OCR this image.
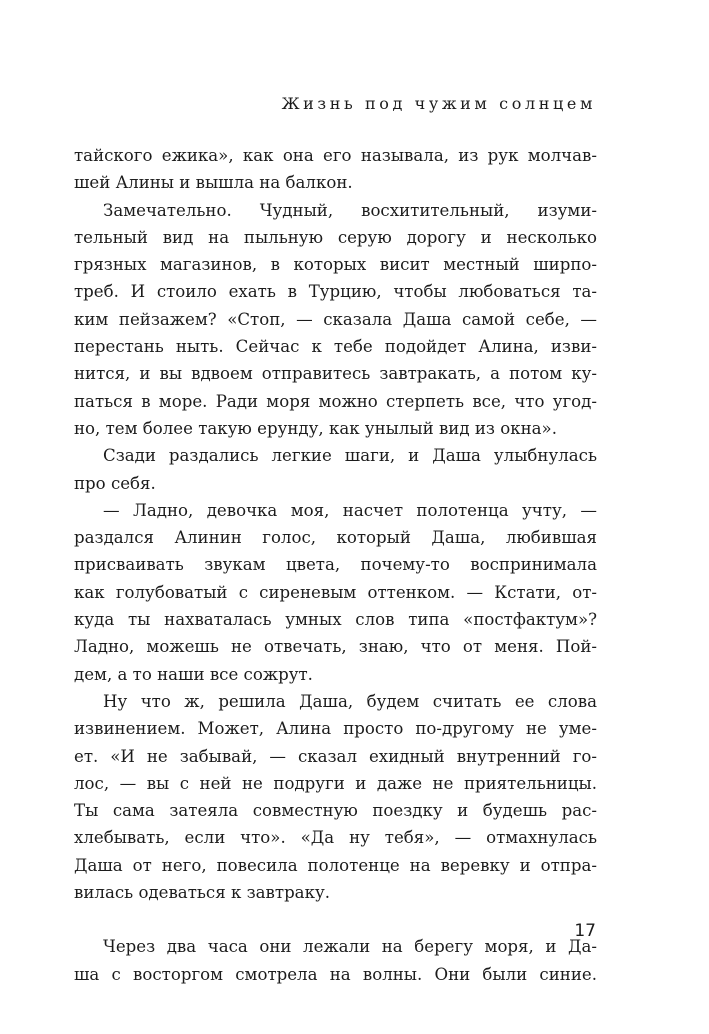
Жизнь под чужим солнцем
тайского ежика», как она его называла, из рук молчав-
шей Алины и вышла на балкон.
Замечательно. Чудный, восхитительный, изуми-
тельный вид на пыльную серую дорогу и несколько
грязных магазинов, в которых висит местный ширпо-
треб. И стоило ехать в Турцию, чтобы любоваться та-
ким пейзажем? «Стоп, — сказала Даша самой себе, —
перестань ныть. Сейчас к тебе подойдет Алина, изви-
нится, и вы вдвоем отправитесь завтракать, а потом ку-
паться в море. Ради моря можно стерпеть все, что угод-
но, тем более такую ерунду, как унылый вид из окна».
Сзади раздались легкие шаги, и Даша улыбнулась
про себя.
— Ладно, девочка моя, насчет полотенца учту, —
раздался Алинин голос, который Даша, любившая
присваивать звукам цвета, почему-то воспринимала
как голубоватый с сиреневым оттенком. — Кстати, от-
куда ты нахваталась умных слов типа «постфактум»?
Ладно, можешь не отвечать, знаю, что от меня. Пой-
дем, а то наши все сожрут.
Ну что ж, решила Даша, будем считать ее слова
извинением. Может, Алина просто по-другому не уме-
ет. «И не забывай, — сказал ехидный внутренний го-
лос, — вы с ней не подруги и даже не приятельницы.
Ты сама затеяла совместную поездку и будешь рас-
хлебывать, если что». «Да ну тебя», — отмахнулась
Даша от него, повесила полотенце на веревку и отпра-
вилась одеваться к завтраку.
Через два часа они лежали на берегу моря, и Да-
ша с восторгом смотрела на волны. Они были синие.
17
